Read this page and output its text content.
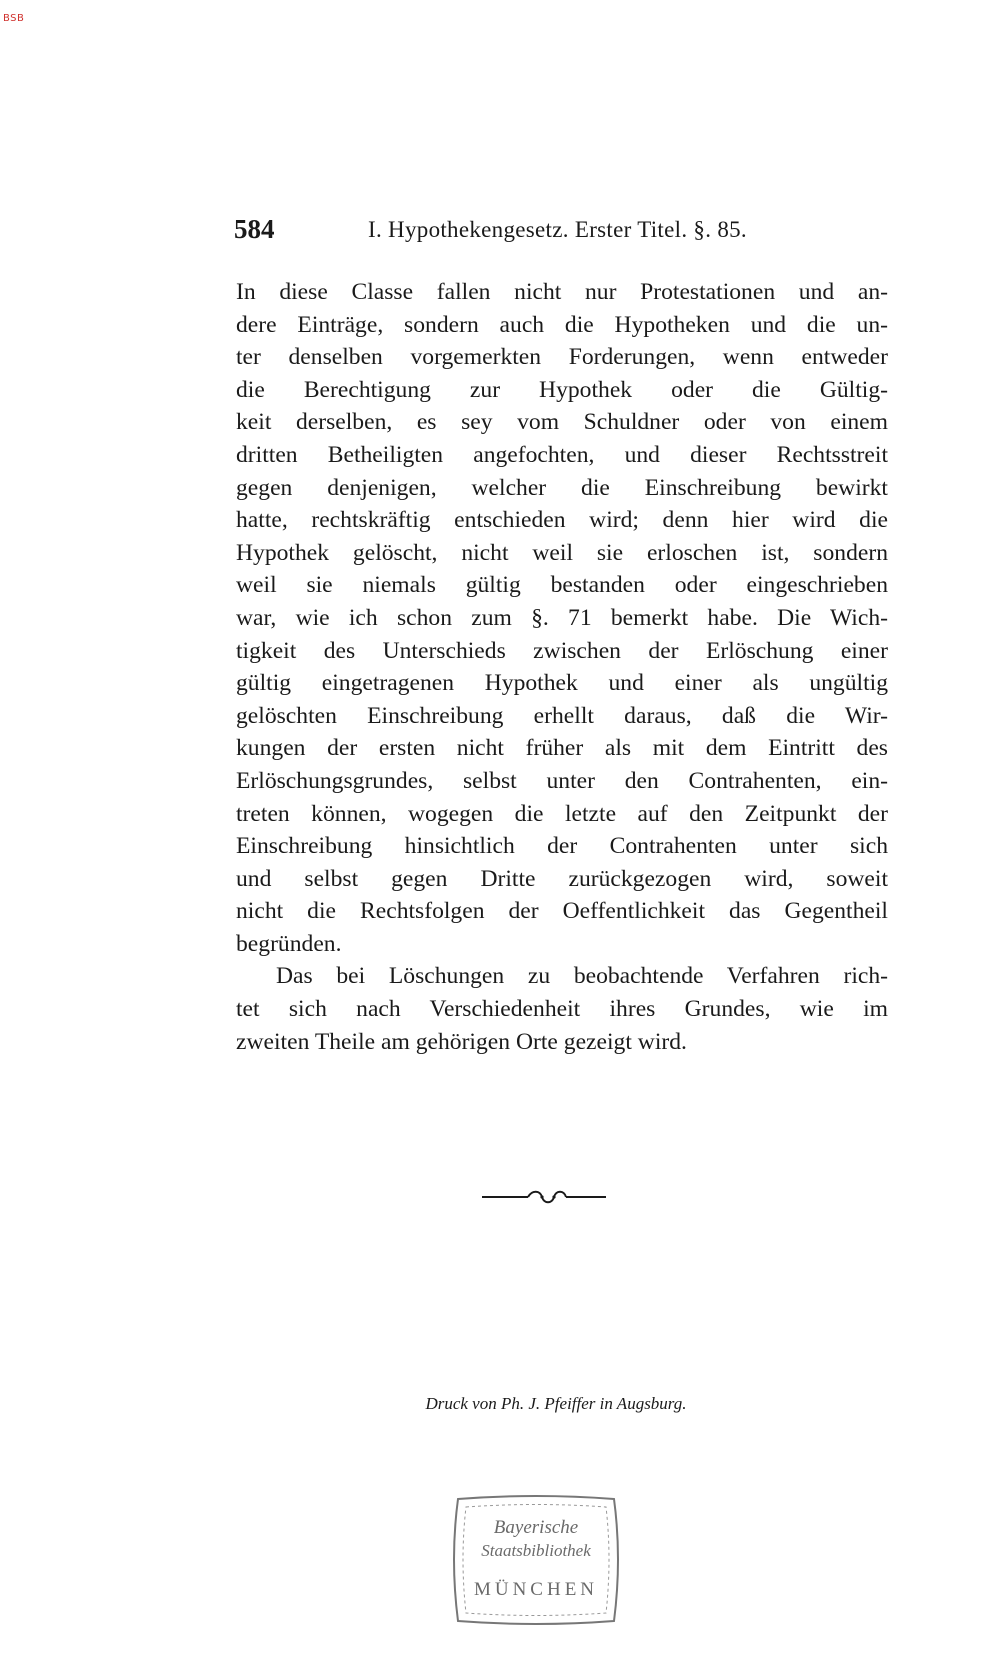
BSB
584	I. Hypothekengesetz. Erster Titel. §. 85.
In diese Classe fallen nicht nur Protestationen und an-
dere Einträge, sondern auch die Hypotheken und die un-
ter denselben vorgemerkten Forderungen, wenn entweder
die Berechtigung zur Hypothek oder die Gültig-
keit derselben, es sey vom Schuldner oder von einem
dritten Betheiligten angefochten, und dieser Rechtsstreit
gegen denjenigen, welcher die Einschreibung bewirkt
hatte, rechtskräftig entschieden wird; denn hier wird die
Hypothek gelöscht, nicht weil sie erloschen ist, sondern
weil sie niemals gültig bestanden oder eingeschrieben
war, wie ich schon zum §. 71 bemerkt habe. Die Wich-
tigkeit des Unterschieds zwischen der Erlöschung einer
gültig eingetragenen Hypothek und einer als ungültig
gelöschten Einschreibung erhellt daraus, daß die Wir-
kungen der ersten nicht früher als mit dem Eintritt des
Erlöschungsgrundes, selbst unter den Contrahenten, ein-
treten können, wogegen die letzte auf den Zeitpunkt der
Einschreibung hinsichtlich der Contrahenten unter sich
und selbst gegen Dritte zurückgezogen wird, soweit
nicht die Rechtsfolgen der Oeffentlichkeit das Gegentheil
begründen.
Das bei Löschungen zu beobachtende Verfahren rich-
tet sich nach Verschiedenheit ihres Grundes, wie im
zweiten Theile am gehörigen Orte gezeigt wird.
Druck von Ph. J. Pfeiffer in Augsburg.
Bayerische
Staatsbibliothek
MÜNCHEN
